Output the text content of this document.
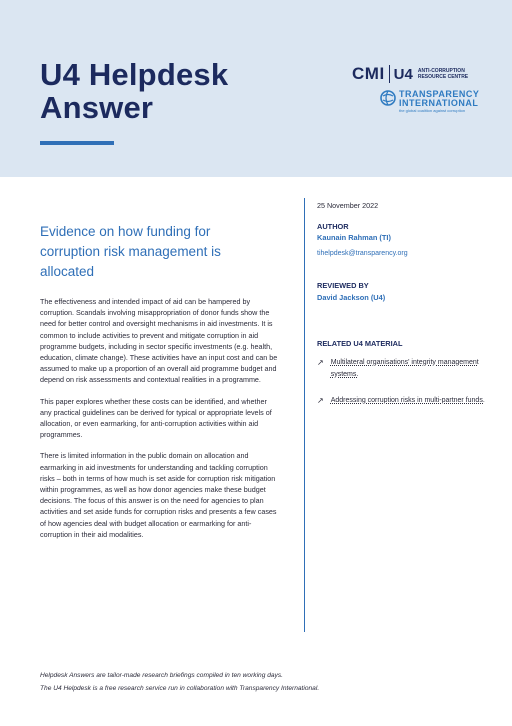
U4 Helpdesk
Answer
CMI U4 ANTI-CORRUPTION
RESOURCE CENTRE
TRANSPARENCY
INTERNATIONAL
the global coalition against corruption
Evidence on how funding for corruption risk management is allocated

The effectiveness and intended impact of aid can be hampered by corruption. Scandals involving misappropriation of donor funds show the need for better control and oversight mechanisms in aid investments. It is common to include activities to prevent and mitigate corruption in aid programme budgets, including in sector specific investments (e.g. health, education, climate change). These activities have an input cost and can be assumed to make up a proportion of an overall aid programme budget and depend on risk assessments and contextual realities in a programme.

This paper explores whether these costs can be identified, and whether any practical guidelines can be derived for typical or appropriate levels of allocation, or even earmarking, for anti-corruption activities within aid programmes.

There is limited information in the public domain on allocation and earmarking in aid investments for understanding and tackling corruption risks – both in terms of how much is set aside for corruption risk mitigation within programmes, as well as how donor agencies make these budget decisions. The focus of this answer is on the need for agencies to plan activities and set aside funds for corruption risks and presents a few cases of how agencies deal with budget allocation or earmarking for anti-corruption in their aid modalities.

25 November 2022
AUTHOR
Kaunain Rahman (TI)
tihelpdesk@transparency.org
REVIEWED BY
David Jackson (U4)
RELATED U4 MATERIAL
↗ Multilateral organisations' integrity management systems.
↗ Addressing corruption risks in multi-partner funds.
Helpdesk Answers are tailor-made research briefings compiled in ten working days.
The U4 Helpdesk is a free research service run in collaboration with Transparency International.
